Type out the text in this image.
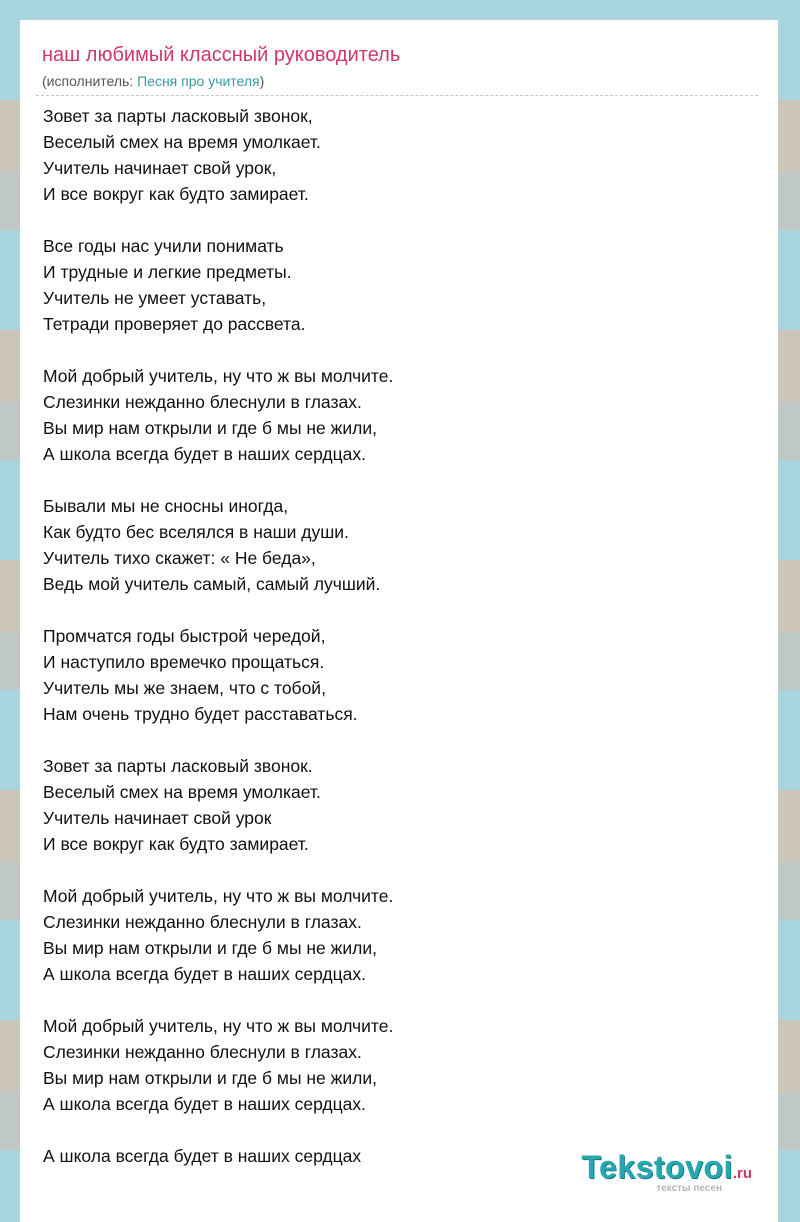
наш любимый классный руководитель
(исполнитель: Песня про учителя)
Зовет за парты ласковый звонок,
Веселый смех на время умолкает.
Учитель начинает свой урок,
И все вокруг как будто замирает.
Все годы нас учили понимать
И трудные и легкие предметы.
Учитель не умеет уставать,
Тетради проверяет до рассвета.
Мой добрый учитель, ну что ж вы молчите.
Слезинки нежданно блеснули в глазах.
Вы мир нам открыли и где б мы не жили,
А школа всегда будет в наших сердцах.
Бывали мы не сносны иногда,
Как будто бес вселялся в наши души.
Учитель тихо скажет: « Не беда»,
Ведь мой учитель самый, самый лучший.
Промчатся годы быстрой чередой,
И наступило времечко прощаться.
Учитель мы же знаем, что с тобой,
Нам очень трудно будет расставаться.
Зовет за парты ласковый звонок.
Веселый смех на время умолкает.
Учитель начинает свой урок
И все вокруг как будто замирает.
Мой добрый учитель, ну что ж вы молчите.
Слезинки нежданно блеснули в глазах.
Вы мир нам открыли и где б мы не жили,
А школа всегда будет в наших сердцах.
Мой добрый учитель, ну что ж вы молчите.
Слезинки нежданно блеснули в глазах.
Вы мир нам открыли и где б мы не жили,
А школа всегда будет в наших сердцах.
А школа всегда будет в наших сердцах	Tekstovoi.ru
тексты песен
